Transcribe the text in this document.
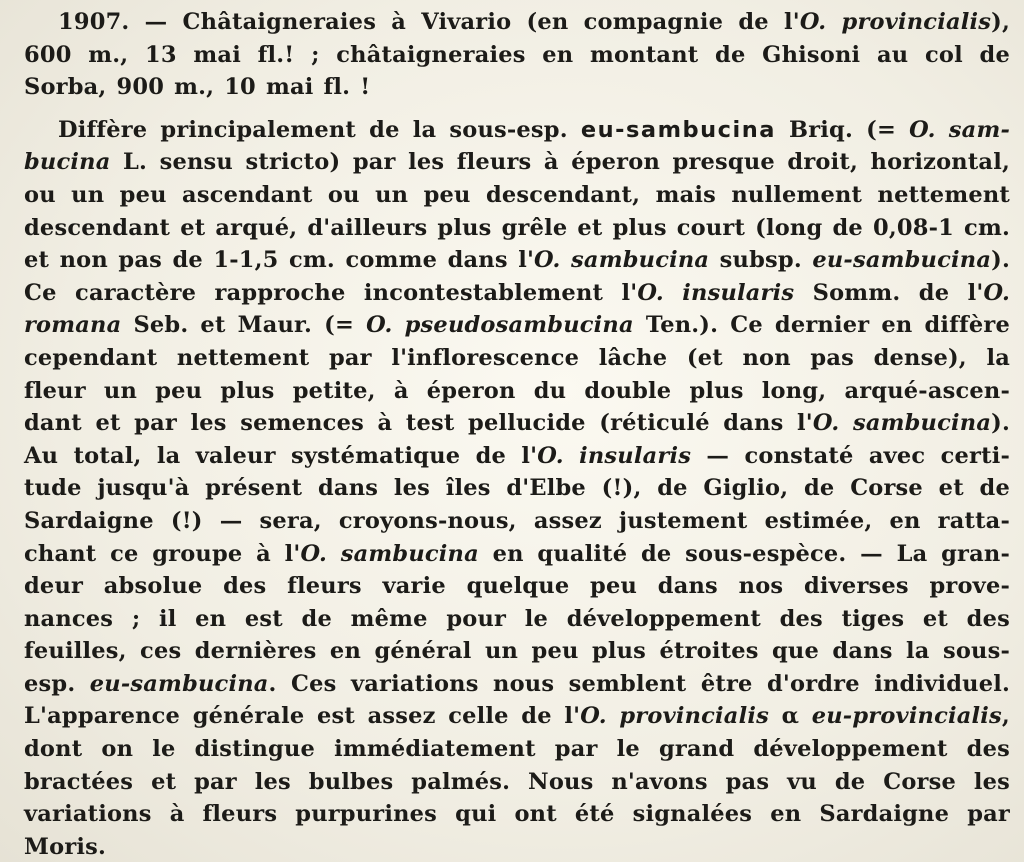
1907. — Châtaigneraies à Vivario (en compagnie de l'O. provincialis),
600 m., 13 mai fl.! ; châtaigneraies en montant de Ghisoni au col de
Sorba, 900 m., 10 mai fl. !
Diffère principalement de la sous-esp. eu-sambucina Briq. (= O. sam-
bucina L. sensu stricto) par les fleurs à éperon presque droit, horizontal,
ou un peu ascendant ou un peu descendant, mais nullement nettement
descendant et arqué, d'ailleurs plus grêle et plus court (long de 0,08-1 cm.
et non pas de 1-1,5 cm. comme dans l'O. sambucina subsp. eu-sambucina).
Ce caractère rapproche incontestablement l'O. insularis Somm. de l'O.
romana Seb. et Maur. (= O. pseudosambucina Ten.). Ce dernier en diffère
cependant nettement par l'inflorescence lâche (et non pas dense), la
fleur un peu plus petite, à éperon du double plus long, arqué-ascen-
dant et par les semences à test pellucide (réticulé dans l'O. sambucina).
Au total, la valeur systématique de l'O. insularis — constaté avec certi-
tude jusqu'à présent dans les îles d'Elbe (!), de Giglio, de Corse et de
Sardaigne (!) — sera, croyons-nous, assez justement estimée, en ratta-
chant ce groupe à l'O. sambucina en qualité de sous-espèce. — La gran-
deur absolue des fleurs varie quelque peu dans nos diverses prove-
nances ; il en est de même pour le développement des tiges et des
feuilles, ces dernières en général un peu plus étroites que dans la sous-
esp. eu-sambucina. Ces variations nous semblent être d'ordre individuel.
L'apparence générale est assez celle de l'O. provincialis α eu-provincialis,
dont on le distingue immédiatement par le grand développement des
bractées et par les bulbes palmés. Nous n'avons pas vu de Corse les
variations à fleurs purpurines qui ont été signalées en Sardaigne par
Moris.
